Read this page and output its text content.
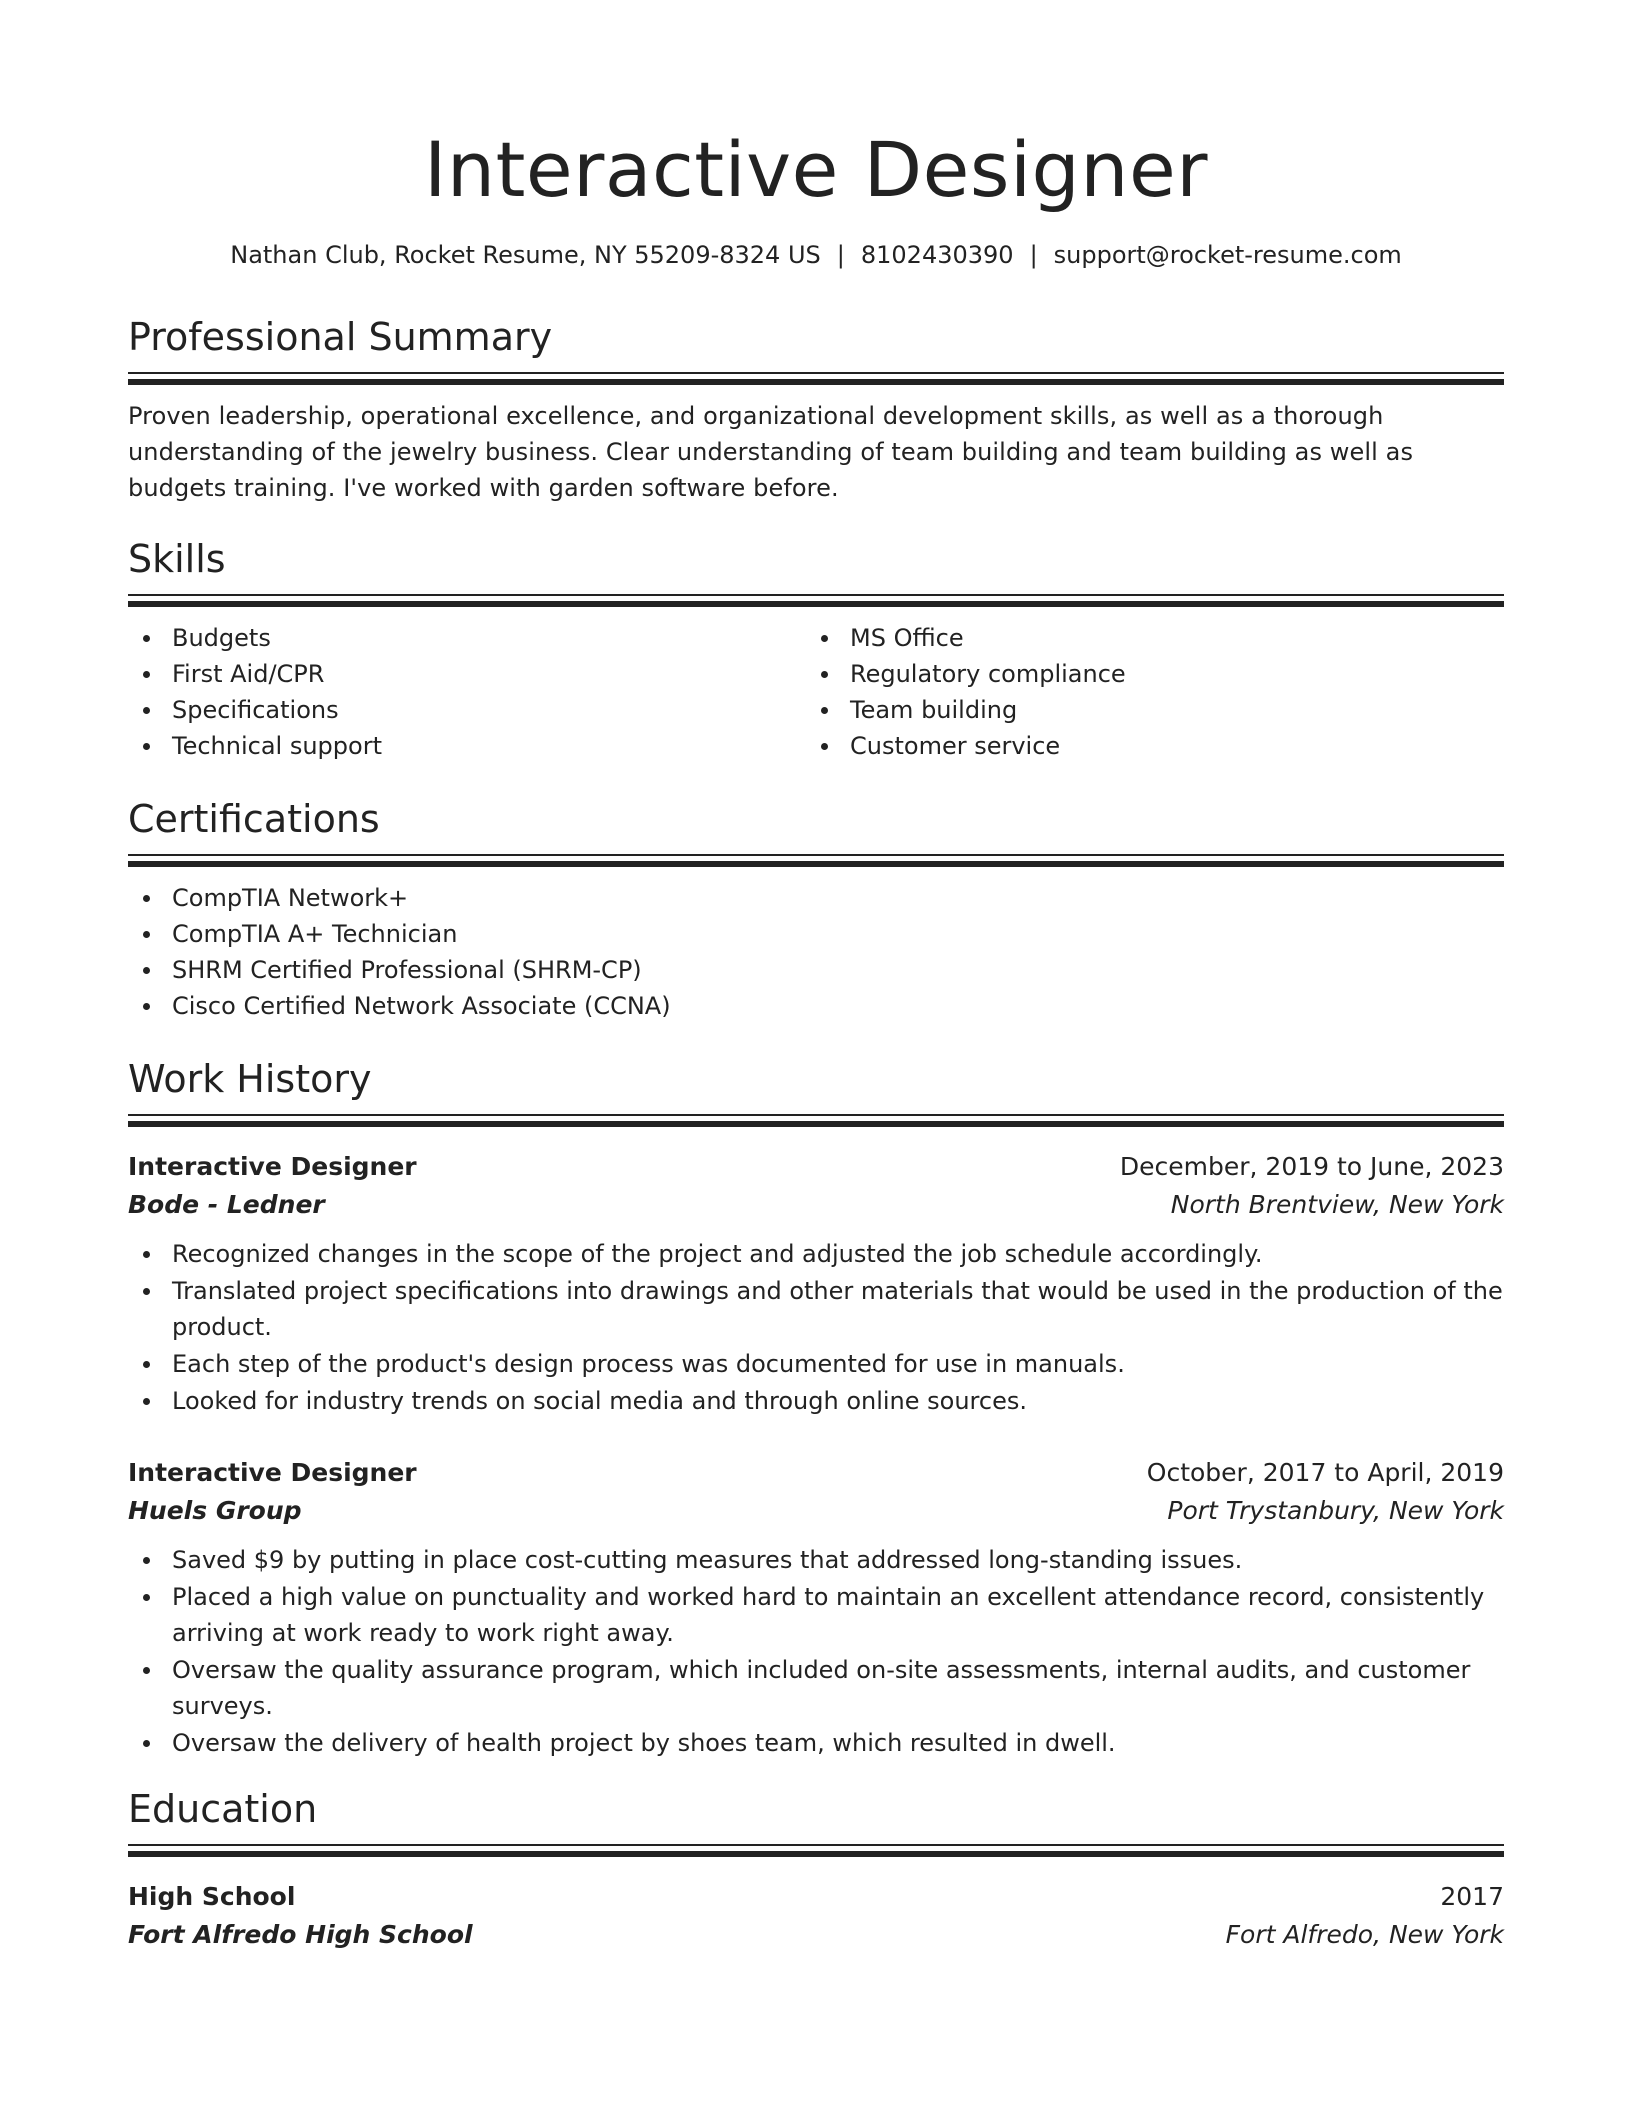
Interactive Designer
Nathan Club, Rocket Resume, NY 55209-8324 US | 8102430390 | support@rocket-resume.com
Professional Summary
Proven leadership, operational excellence, and organizational development skills, as well as a thorough understanding of the jewelry business. Clear understanding of team building and team building as well as budgets training. I've worked with garden software before.
Skills
Budgets
First Aid/CPR
Specifications
Technical support
MS Office
Regulatory compliance
Team building
Customer service
Certifications
CompTIA Network+
CompTIA A+ Technician
SHRM Certified Professional (SHRM-CP)
Cisco Certified Network Associate (CCNA)
Work History
Interactive Designer	December, 2019 to June, 2023
Bode - Ledner	North Brentview, New York
Recognized changes in the scope of the project and adjusted the job schedule accordingly.
Translated project specifications into drawings and other materials that would be used in the production of the product.
Each step of the product's design process was documented for use in manuals.
Looked for industry trends on social media and through online sources.
Interactive Designer	October, 2017 to April, 2019
Huels Group	Port Trystanbury, New York
Saved $9 by putting in place cost-cutting measures that addressed long-standing issues.
Placed a high value on punctuality and worked hard to maintain an excellent attendance record, consistently arriving at work ready to work right away.
Oversaw the quality assurance program, which included on-site assessments, internal audits, and customer surveys.
Oversaw the delivery of health project by shoes team, which resulted in dwell.
Education
High School	2017
Fort Alfredo High School	Fort Alfredo, New York
